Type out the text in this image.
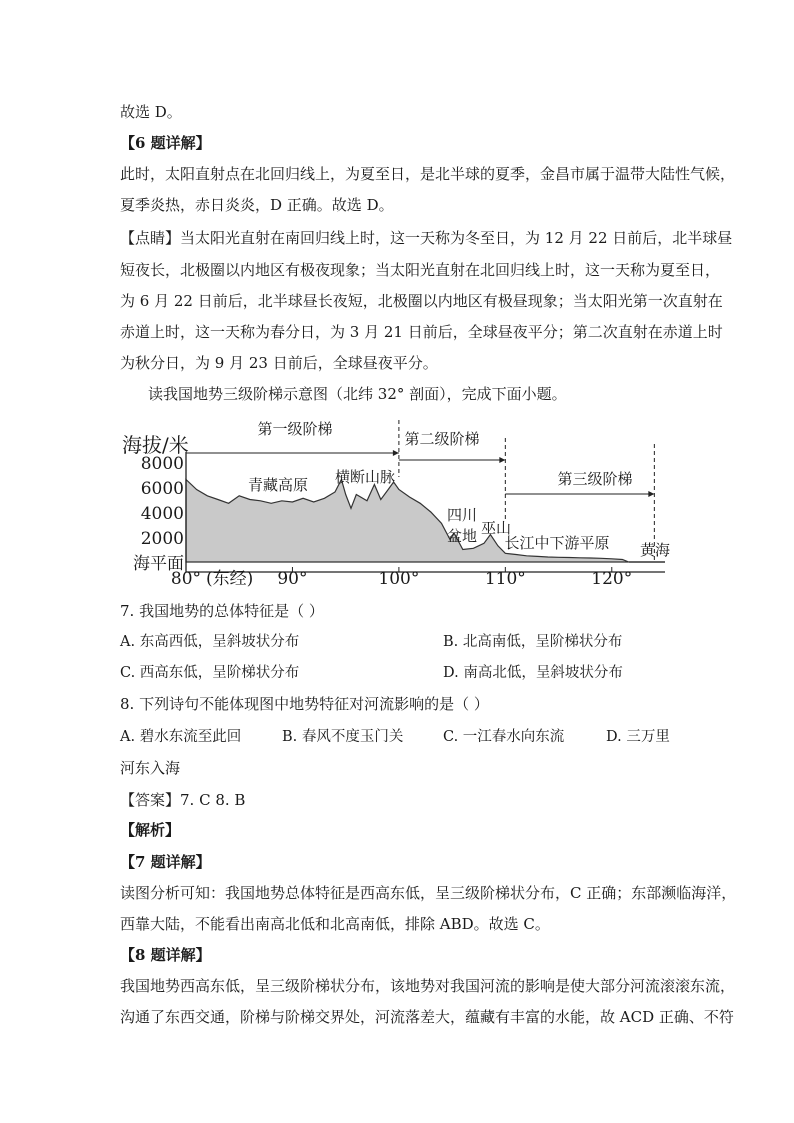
故选 D。
【6 题详解】
此时，太阳直射点在北回归线上，为夏至日，是北半球的夏季，金昌市属于温带大陆性气候，
夏季炎热，赤日炎炎，D 正确。故选 D。
【点睛】当太阳光直射在南回归线上时，这一天称为冬至日，为 12 月 22 日前后，北半球昼
短夜长，北极圈以内地区有极夜现象；当太阳光直射在北回归线上时，这一天称为夏至日，
为 6 月 22 日前后，北半球昼长夜短，北极圈以内地区有极昼现象；当太阳光第一次直射在
赤道上时，这一天称为春分日，为 3 月 21 日前后，全球昼夜平分；第二次直射在赤道上时
为秋分日，为 9 月 23 日前后，全球昼夜平分。
读我国地势三级阶梯示意图（北纬 32° 剖面），完成下面小题。
8000
6000
4000
2000
海平面
海拔/米
80°	90°	100°	110°	120°
(东经)
第一级阶梯
第二级阶梯
第三级阶梯
青藏高原 横断山脉
四川
盆地 巫山
长江中下游平原 黄海
7. 我国地势的总体特征是（ ）
A. 东高西低，呈斜坡状分布	B. 北高南低，呈阶梯状分布
C. 西高东低，呈阶梯状分布	D. 南高北低，呈斜坡状分布
8. 下列诗句不能体现图中地势特征对河流影响的是（ ）
A. 碧水东流至此回	B. 春风不度玉门关	C. 一江春水向东流	D. 三万里
河东入海
【答案】7. C 8. B
【解析】
【7 题详解】
读图分析可知：我国地势总体特征是西高东低，呈三级阶梯状分布，C 正确；东部濒临海洋，
西靠大陆，不能看出南高北低和北高南低，排除 ABD。故选 C。
【8 题详解】
我国地势西高东低，呈三级阶梯状分布，该地势对我国河流的影响是使大部分河流滚滚东流，
沟通了东西交通，阶梯与阶梯交界处，河流落差大，蕴藏有丰富的水能，故 ACD 正确、不符
